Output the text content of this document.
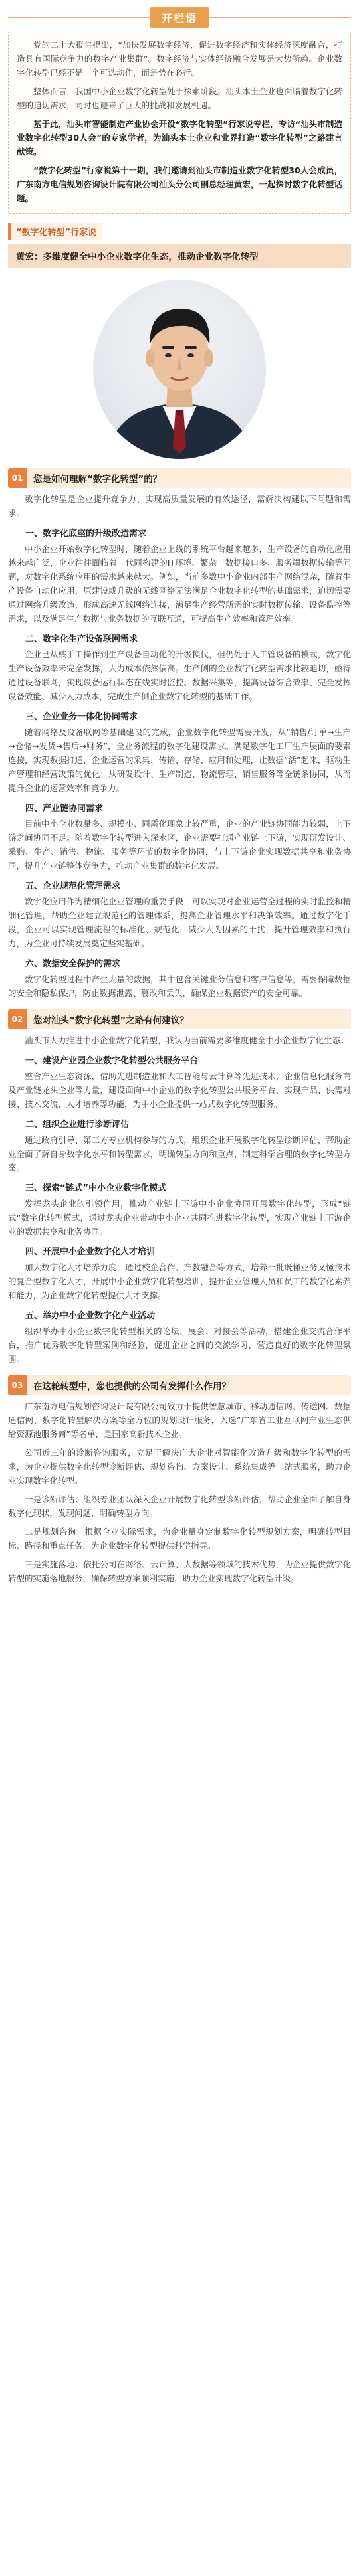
开栏语

党的二十大报告提出，“加快发展数字经济，促进数字经济和实体经济深度融合，打造具有国际竞争力的数字产业集群”。数字经济与实体经济融合发展是大势所趋。企业数字化转型已经不是一个可选动作，而是势在必行。

整体而言，我国中小企业数字化转型处于探索阶段。汕头本土企业也面临着数字化转型的迫切需求，同时也迎来了巨大的挑战和发展机遇。

基于此，汕头市智能制造产业协会开设“数字化转型”行家说专栏，专访“汕头市制造业数字化转型30人会”的专家学者，为汕头本土企业和业界打造“数字化转型”之路建言献策。

“数字化转型”行家说第十一期，我们邀请到汕头市制造业数字化转型30人会成员，广东南方电信规划咨询设计院有限公司汕头分公司副总经理黄宏，一起探讨数字化转型话题。

“数字化转型”行家说
黄宏：多维度健全中小企业数字化生态，推动企业数字化转型
01	您是如何理解“数字化转型”的？

数字化转型是企业提升竞争力、实现高质量发展的有效途径，需解决构建以下问题和需求。

一、数字化底座的升级改造需求

中小企业开始数字化转型时，随着企业上线的系统平台越来越多，生产设备的自动化应用越来越广泛，企业往往面临着一代同构建的IT环境、繁杂一数据接口多、服务端数据传输等问题，对数字化系统应用的需求越来越大。例如，当前多数中小企业内部生产网络混杂，随着生产设备自动化应用，原建设或升级的无线网络无法满足企业数字化转型的基础需求，迫切需要通过网络升级改造，形成高速无线网络连接，满足生产经营所需的实时数据传输、设备监控等需求，以及满足生产数据与业务数据的互联互通，可提高生产效率和管理效率。

二、数字化生产设备联网需求

企业已从核手工操作到生产设备自动化的升级换代，但仍处于人工管设备的模式，数字化生产设备效率未完全发挥，人力成本依然偏高。生产侧的企业数字化转型需求比较迫切，亟待通过设备联网，实现设备运行状态在线实时监控、数据采集等，提高设备综合效率、完全发挥设备效能、减少人力成本，完成生产侧企业数字化转型的基础工作。

三、企业业务一体化协同需求

随着网络及设备联网等基础建设的完成，企业数字化转型需要开发，从“销售/订单→生产→仓储→发货→售后→财务”，全业务流程的数字化建设需求。满足数字化工厂生产层面的要素连接，实现数据打通，企业运营的采集、传输、存储、应用和处理，让数据“活”起来，驱动生产管理和经营决策的优化；从研发设计、生产制造、物流管理、销售服务等全链条协同，从而提升企业的运营效率和竞争力。

四、产业链协同需求

目前中小企业数量多、规模小、同质化现象比较严重，企业的产业链协同能力较弱，上下游之间协同不足。随着数字化转型进入深水区，企业需要打通产业链上下游，实现研发设计、采购、生产、销售、物流、服务等环节的数字化协同，与上下游企业实现数据共享和业务协同，提升产业链整体竞争力，推动产业集群的数字化发展。

五、企业规范化管理需求

数字化应用作为精细化企业管理的重要手段，可以实现对企业运营全过程的实时监控和精细化管理，帮助企业建立规范化的管理体系，提高企业管理水平和决策效率。通过数字化手段，企业可以实现管理流程的标准化、规范化，减少人为因素的干扰，提升管理效率和执行力，为企业可持续发展奠定坚实基础。

六、数据安全保护的需求

数字化转型过程中产生大量的数据，其中包含关键业务信息和客户信息等，需要保障数据的安全和隐私保护，防止数据泄露、篡改和丢失，确保企业数据资产的安全可靠。

02	您对汕头“数字化转型”之路有何建议？

汕头市大力推进中小企业数字化转型，我认为当前需要多维度健全中小企业数字化生态：

一、建设产业园企业数字化转型公共服务平台

整合产业生态资源，借助先进制造业和人工智能与云计算等先进技术，企业信息化服务商及产业链龙头企业等力量，建设面向中小企业的数字化转型公共服务平台，实现产品、供需对接、技术交流、人才培养等功能，为中小企业提供一站式数字化转型服务。

二、组织企业进行诊断评估

通过政府引导、第三方专业机构参与的方式，组织企业开展数字化转型诊断评估，帮助企业全面了解自身数字化水平和转型需求，明确转型方向和重点，制定科学合理的数字化转型方案。

三、探索“链式”中小企业数字化模式

发挥龙头企业的引领作用，推动产业链上下游中小企业协同开展数字化转型，形成“链式”数字化转型模式，通过龙头企业带动中小企业共同推进数字化转型，实现产业链上下游企业的数据共享和业务协同。

四、开展中小企业数字化人才培训

加大数字化人才培养力度，通过校企合作、产教融合等方式，培养一批既懂业务又懂技术的复合型数字化人才，开展中小企业数字化转型培训，提升企业管理人员和员工的数字化素养和能力，为企业数字化转型提供人才支撑。

五、举办中小企业数字化产业活动

组织举办中小企业数字化转型相关的论坛、展会、对接会等活动，搭建企业交流合作平台，推广优秀数字化转型案例和经验，促进企业之间的交流学习，营造良好的数字化转型氛围。

03	在这轮转型中，您也提供的公司有发挥什么作用？

广东南方电信规划咨询设计院有限公司致力于提供智慧城市、移动通信网、传送网、数据通信网、数字化转型解决方案等全方位的规划设计服务，入选“广东省工业互联网产业生态供给资源池服务商”等名单，是国家高新技术企业。

公司近三年的诊断咨询服务，立足于解决广大企业对智能化改造升级和数字化转型的需求，为企业提供数字化转型诊断评估、规划咨询、方案设计、系统集成等一站式服务，助力企业实现数字化转型。

一是诊断评估：组织专业团队深入企业开展数字化转型诊断评估，帮助企业全面了解自身数字化现状，发现问题，明确转型方向。

二是规划咨询：根据企业实际需求，为企业量身定制数字化转型规划方案，明确转型目标、路径和重点任务，为企业数字化转型提供科学指导。

三是实施落地：依托公司在网络、云计算、大数据等领域的技术优势，为企业提供数字化转型的实施落地服务，确保转型方案顺利实施，助力企业实现数字化转型升级。
